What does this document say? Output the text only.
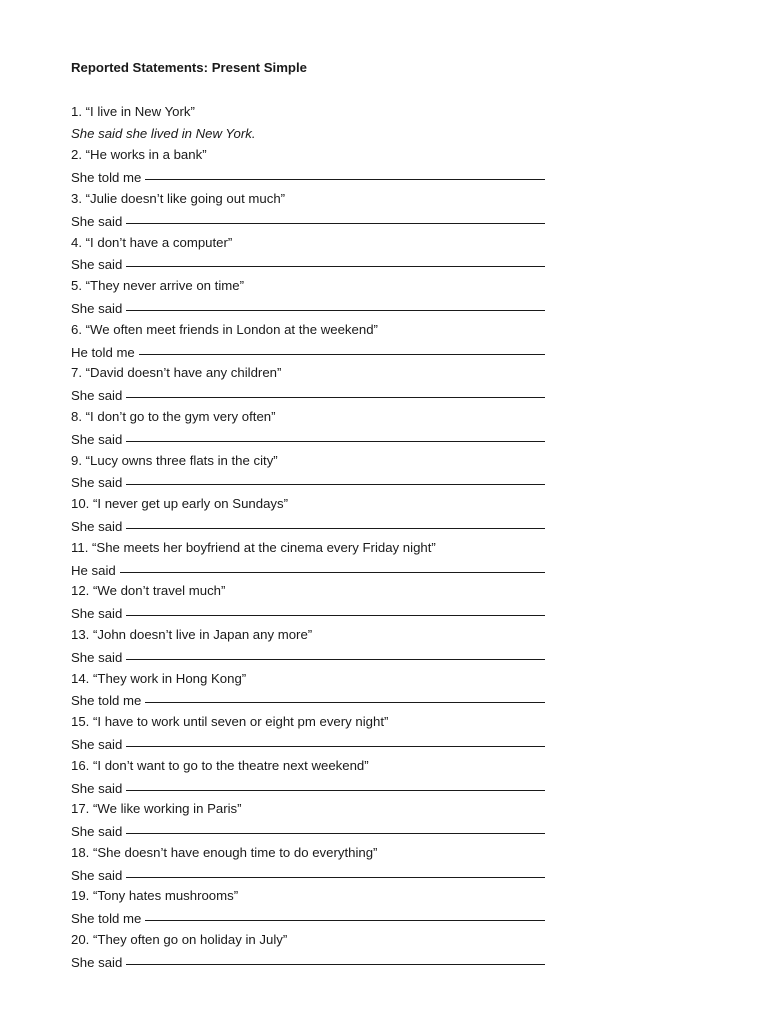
Reported Statements: Present Simple
1. “I live in New York”
She said she lived in New York.
2. “He works in a bank”
She told me
3. “Julie doesn’t like going out much”
She said
4. “I don’t have a computer”
She said
5. “They never arrive on time”
She said
6. “We often meet friends in London at the weekend”
He told me
7. “David doesn’t have any children”
She said
8. “I don’t go to the gym very often”
She said
9. “Lucy owns three flats in the city”
She said
10. “I never get up early on Sundays”
She said
11. “She meets her boyfriend at the cinema every Friday night”
He said
12. “We don’t travel much”
She said
13. “John doesn’t live in Japan any more”
She said
14. “They work in Hong Kong”
She told me
15. “I have to work until seven or eight pm every night”
She said
16. “I don’t want to go to the theatre next weekend”
She said
17. “We like working in Paris”
She said
18. “She doesn’t have enough time to do everything”
She said
19. “Tony hates mushrooms”
She told me
20. “They often go on holiday in July”
She said
